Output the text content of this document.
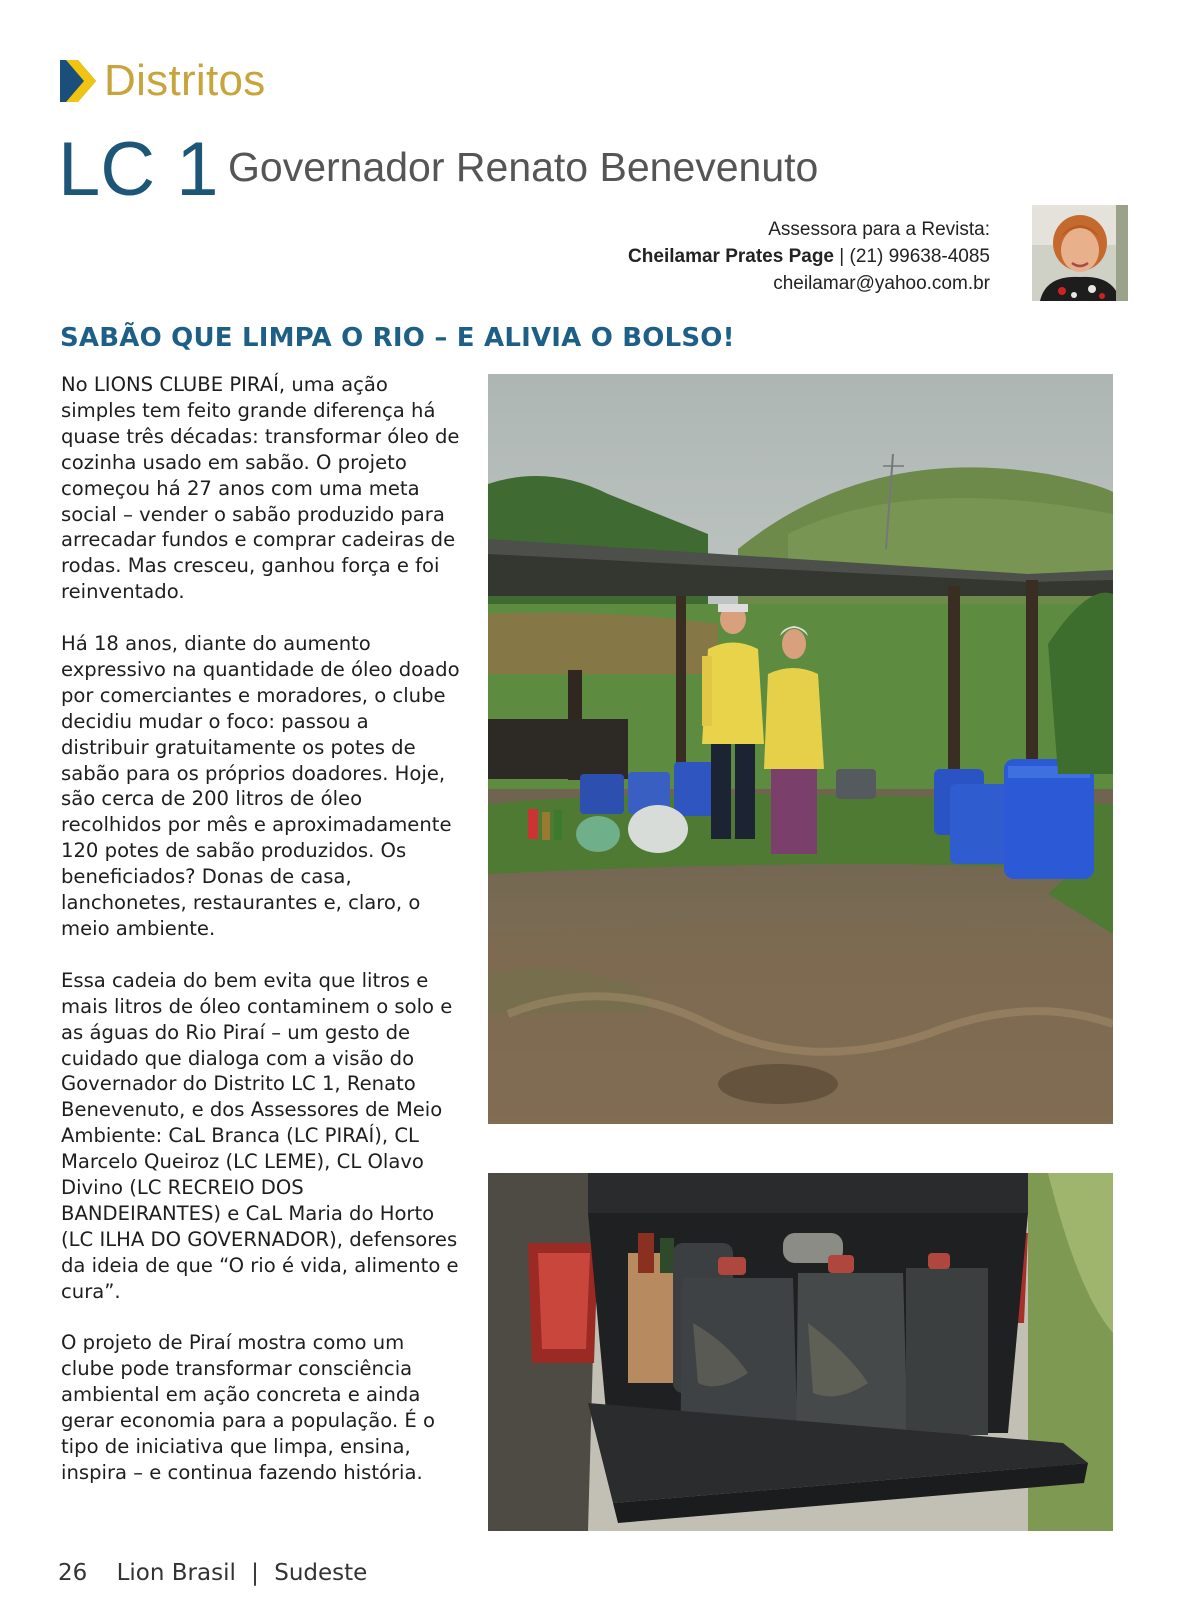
Distritos
LC 1 Governador Renato Benevenuto
Assessora para a Revista:
Cheilamar Prates Page | (21) 99638-4085
cheilamar@yahoo.com.br
SABÃO QUE LIMPA O RIO – E ALIVIA O BOLSO!

No LIONS CLUBE PIRAÍ, uma ação simples tem feito grande diferença há quase três décadas: transformar óleo de cozinha usado em sabão. O projeto começou há 27 anos com uma meta social – vender o sabão produzido para arrecadar fundos e comprar cadeiras de rodas. Mas cresceu, ganhou força e foi reinventado.

Há 18 anos, diante do aumento expressivo na quantidade de óleo doado por comerciantes e moradores, o clube decidiu mudar o foco: passou a distribuir gratuitamente os potes de sabão para os próprios doadores. Hoje, são cerca de 200 litros de óleo recolhidos por mês e aproximadamente 120 potes de sabão produzidos. Os beneficiados? Donas de casa, lanchonetes, restaurantes e, claro, o meio ambiente.

Essa cadeia do bem evita que litros e mais litros de óleo contaminem o solo e as águas do Rio Piraí – um gesto de cuidado que dialoga com a visão do Governador do Distrito LC 1, Renato Benevenuto, e dos Assessores de Meio Ambiente: CaL Branca (LC PIRAÍ), CL Marcelo Queiroz (LC LEME), CL Olavo Divino (LC RECREIO DOS BANDEIRANTES) e CaL Maria do Horto (LC ILHA DO GOVERNADOR), defensores da ideia de que “O rio é vida, alimento e cura”.

O projeto de Piraí mostra como um clube pode transformar consciência ambiental em ação concreta e ainda gerar economia para a população. É o tipo de iniciativa que limpa, ensina, inspira – e continua fazendo história.

26 Lion Brasil | Sudeste
